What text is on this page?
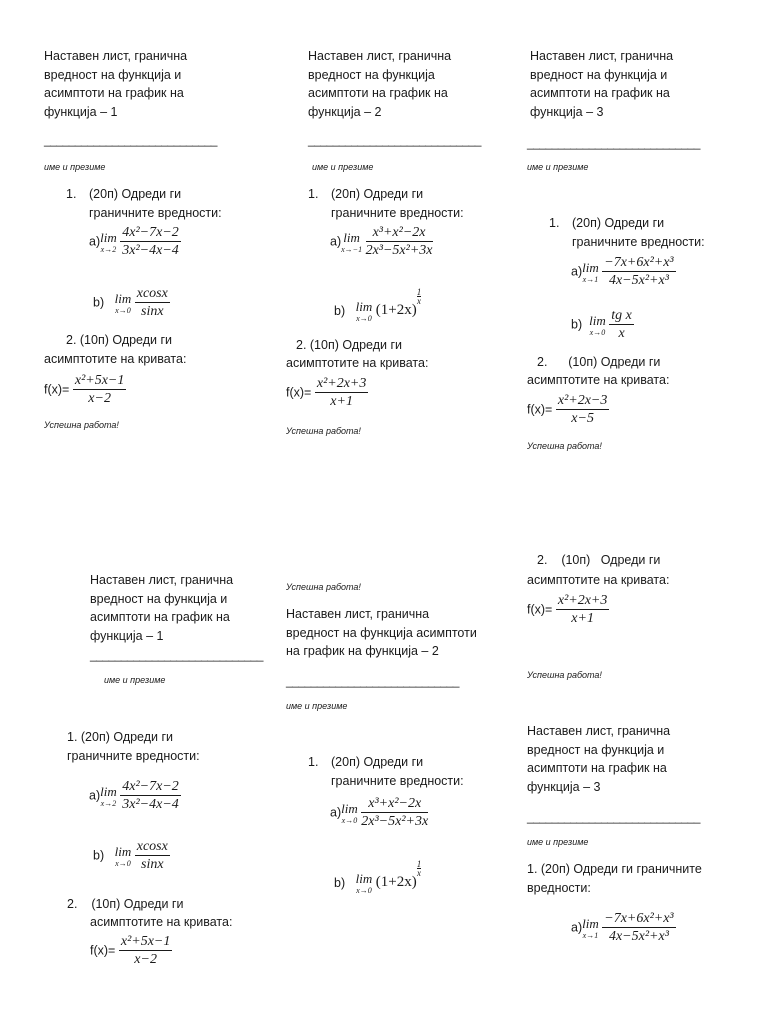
Наставен лист, гранична
вредност на функција и
асимптоти на график на
функција – 1
____________________________
име и презиме
1. (20п) Одреди ги
граничните вредности:
а) lim
x→2
$\frac{\text{4x²−7x−2}}{\text{3x²−4x−4}}$
b) lim
x→0
$\frac{xcosx}{\sin x}$
2. (10п) Одреди ги
асимптотите на кривата:
$f(x)= \frac{\text{x²+5x−1}}{x-2}$
Успешна работа!
Наставен лист, гранична
вредност на функција
асимптоти на график на
функција – 2
____________________________
име и презиме
1. (20п) Одреди ги
граничните вредности:
а) lim
x→−1
$\frac{\text{x³+x²−2x}}{\text{2x³−5x²+3x}}$
b) lim
x→0
(1+2x)
$\frac{1}{x}$
2. (10п) Одреди ги
асимптотите на кривата:
$f(x)= \frac{\text{x²+2x+3}}{x+1}$
Успешна работа!
Наставен лист, гранична
вредност на функција и
асимптоти на график на
функција – 3
____________________________
име и презиме
1. (20п) Одреди ги
граничните вредности:
а) lim
x→1
$\frac{\text{−7x+6x²+x³}}{\text{4x−5x²+x³}}$
b) lim
x→0
$\frac{\text{tg x}}{x}$
2.      (10п) Одреди ги
асимптотите на кривата:
$f(x)= \frac{\text{x²+2x−3}}{x-5}$
Успешна работа!
2.    (10п)   Одреди ги
асимптотите на кривата:
$f(x)= \frac{\text{x²+2x+3}}{x+1}$
Успешна работа!
Наставен лист, гранична
вредност на функција и
асимптоти на график на
функција – 1
____________________________
име и презиме
1. (20п) Одреди ги
граничните вредности:
а) lim
x→2
$\frac{\text{4x²−7x−2}}{\text{3x²−4x−4}}$
b) lim
x→0
$\frac{xcosx}{\sin x}$
2.    (10п) Одреди ги
асимптотите на кривата:
$f(x)= \frac{\text{x²+5x−1}}{x-2}$
Успешна работа!
Наставен лист, гранична
вредност на функција асимптоти
на график на функција – 2
____________________________
име и презиме
1. (20п) Одреди ги
граничните вредности:
а) lim
x→0
$\frac{\text{x³+x²−2x}}{\text{2x³−5x²+3x}}$
b) lim
x→0
(1+2x)
$\frac{1}{x}$
Наставен лист, гранична
вредност на функција и
асимптоти на график на
функција – 3
____________________________
име и презиме
1. (20п) Одреди ги граничните
вредности:
а) lim
x→1
$\frac{\text{−7x+6x²+x³}}{\text{4x−5x²+x³}}$
